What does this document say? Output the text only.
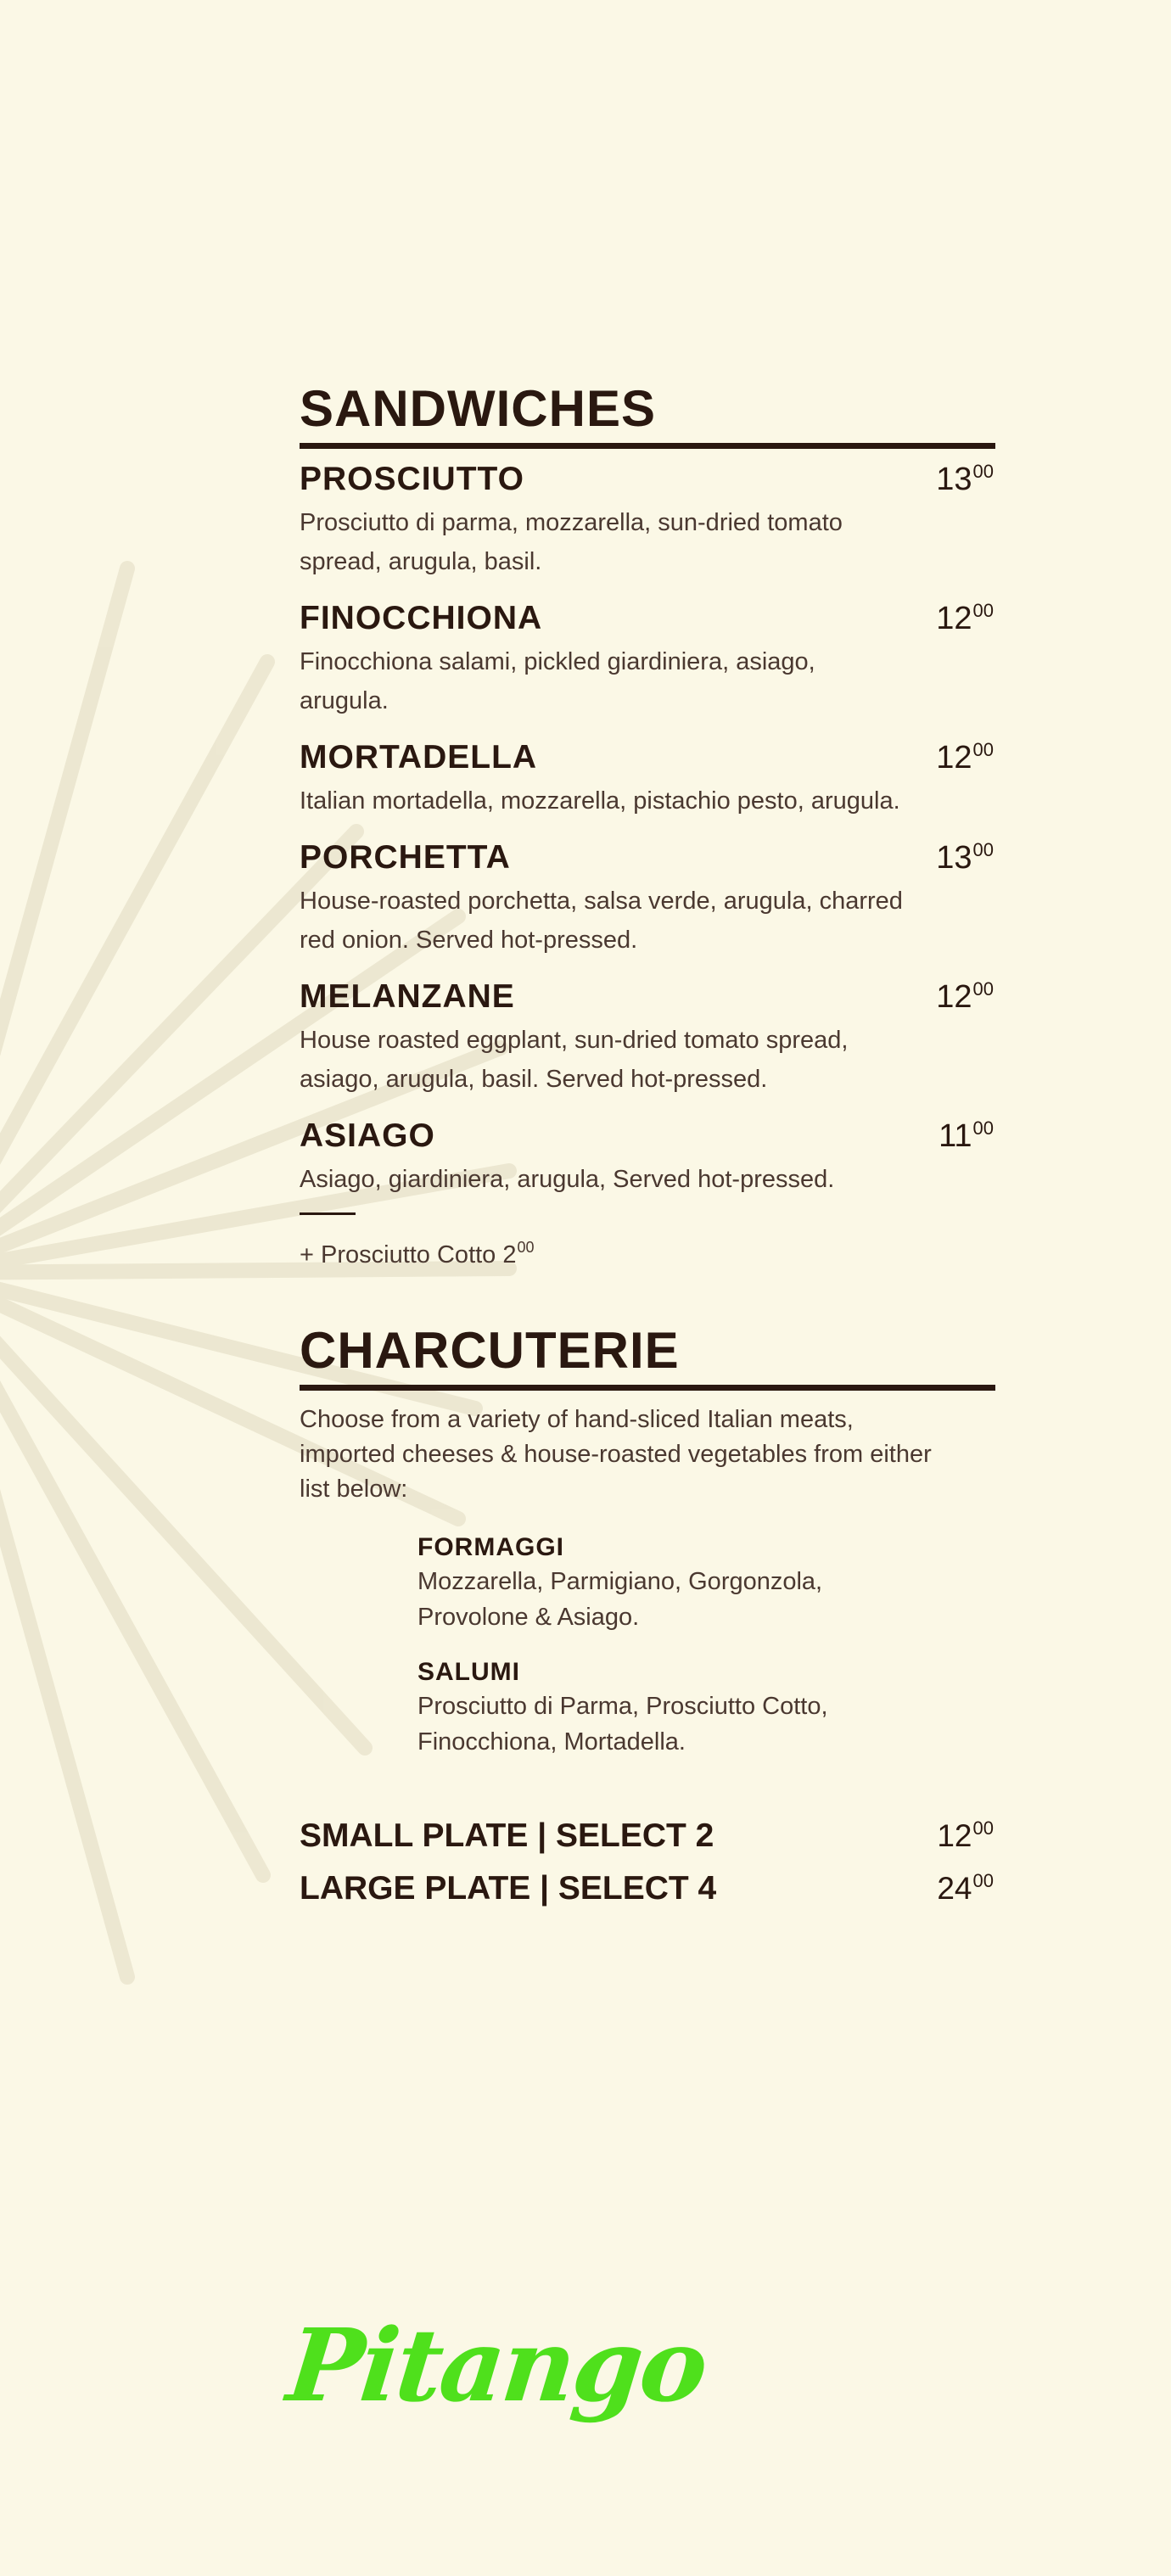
SANDWICHES
PROSCIUTTO	$13^{00}$
Prosciutto di parma, mozzarella, sun-dried tomato spread, arugula, basil.
FINOCCHIONA	$12^{00}$
Finocchiona salami, pickled giardiniera, asiago, arugula.
MORTADELLA	$12^{00}$
Italian mortadella, mozzarella, pistachio pesto, arugula.
PORCHETTA	$13^{00}$
House-roasted porchetta, salsa verde, arugula, charred red onion. Served hot-pressed.
MELANZANE	$12^{00}$
House roasted eggplant, sun-dried tomato spread, asiago, arugula, basil. Served hot-pressed.
ASIAGO	$11^{00}$
Asiago, giardiniera, arugula, Served hot-pressed.
+ Prosciutto Cotto $2^{00}$
CHARCUTERIE
Choose from a variety of hand-sliced Italian meats, imported cheeses & house-roasted vegetables from either list below:
FORMAGGI
Mozzarella, Parmigiano, Gorgonzola, Provolone & Asiago.
SALUMI
Prosciutto di Parma, Prosciutto Cotto, Finocchiona, Mortadella.
SMALL PLATE | SELECT 2	$12^{00}$
LARGE PLATE | SELECT 4	$24^{00}$
Pitango
